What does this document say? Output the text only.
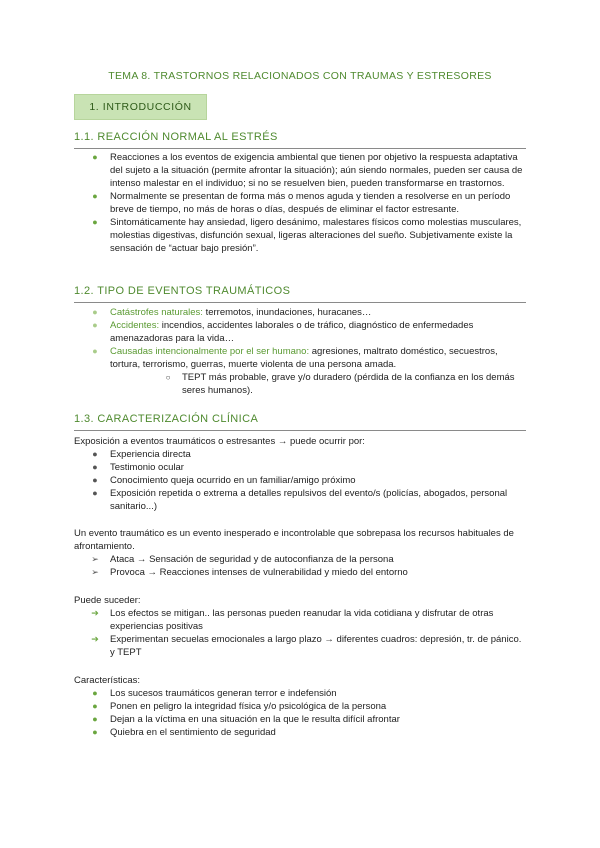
TEMA 8. TRASTORNOS RELACIONADOS CON TRAUMAS Y ESTRESORES
1. INTRODUCCIÓN
1.1. REACCIÓN NORMAL AL ESTRÉS
●	Reacciones a los eventos de exigencia ambiental que tienen por objetivo la respuesta adaptativa del sujeto a la situación (permite afrontar la situación); aún siendo normales, pueden ser causa de intenso malestar en el individuo; si no se resuelven bien, pueden transformarse en trastornos.
●	Normalmente se presentan de forma más o menos aguda y tienden a resolverse en un período breve de tiempo, no más de horas o días, después de eliminar el factor estresante.
●	Sintomáticamente hay ansiedad, ligero desánimo, malestares físicos como molestias musculares, molestias digestivas, disfunción sexual, ligeras alteraciones del sueño. Subjetivamente existe la sensación de “actuar bajo presión”.
1.2. TIPO DE EVENTOS TRAUMÁTICOS
●	Catástrofes naturales: terremotos, inundaciones, huracanes…
●	Accidentes: incendios, accidentes laborales o de tráfico, diagnóstico de enfermedades amenazadoras para la vida…
●	Causadas intencionalmente por el ser humano: agresiones, maltrato doméstico, secuestros, tortura, terrorismo, guerras, muerte violenta de una persona amada.
○	TEPT más probable, grave y/o duradero (pérdida de la confianza en los demás seres humanos).
1.3. CARACTERIZACIÓN CLÍNICA

Exposición a eventos traumáticos o estresantes → puede ocurrir por:

●	Experiencia directa
●	Testimonio ocular
●	Conocimiento queja ocurrido en un familiar/amigo próximo
●	Exposición repetida o extrema a detalles repulsivos del evento/s (policías, abogados, personal sanitario...)

Un evento traumático es un evento inesperado e incontrolable que sobrepasa los recursos habituales de afrontamiento.

➢ Ataca → Sensación de seguridad y de autoconfianza de la persona
➢ Provoca → Reacciones intenses de vulnerabilidad y miedo del entorno

Puede suceder:

➔ Los efectos se mitigan.. las personas pueden reanudar la vida cotidiana y disfrutar de otras experiencias positivas
➔ Experimentan secuelas emocionales a largo plazo → diferentes cuadros: depresión, tr. de pánico. y TEPT

Características:

●	Los sucesos traumáticos generan terror e indefensión
●	Ponen en peligro la integridad física y/o psicológica de la persona
●	Dejan a la víctima en una situación en la que le resulta difícil afrontar
●	Quiebra en el sentimiento de seguridad
